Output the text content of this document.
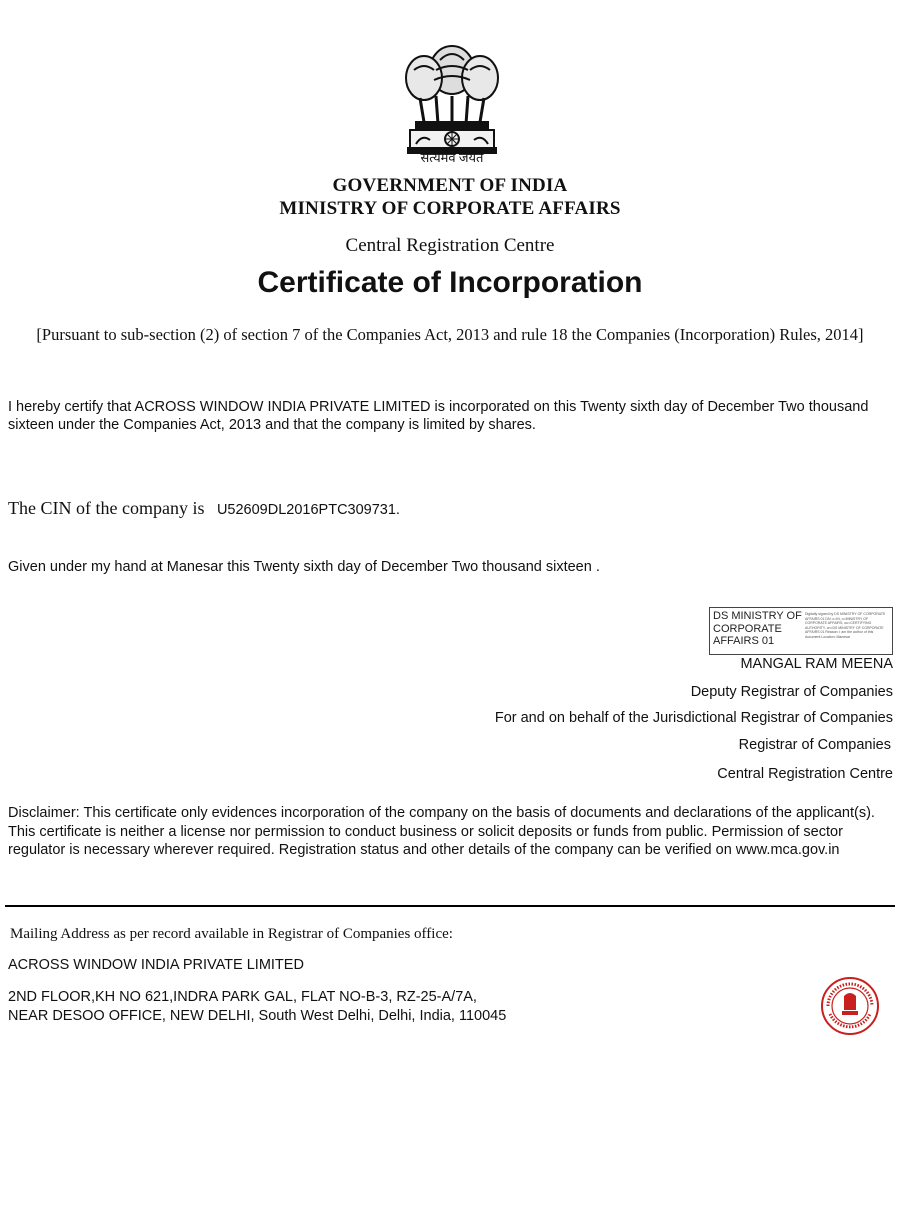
सत्यमेव जयते
GOVERNMENT OF INDIA
MINISTRY OF CORPORATE AFFAIRS
Central Registration Centre
Certificate of Incorporation
[Pursuant to sub-section (2) of section 7 of the Companies Act, 2013 and rule 18 the Companies (Incorporation) Rules, 2014]
I hereby certify that ACROSS WINDOW INDIA PRIVATE LIMITED is incorporated on this Twenty sixth day of December Two thousand sixteen under the Companies Act, 2013 and that the company is limited by shares.
The CIN of the company is U52609DL2016PTC309731.
Given under my hand at Manesar this Twenty sixth day of December Two thousand sixteen .
DS MINISTRY OF CORPORATE AFFAIRS 01
Digitally signed by DS MINISTRY OF CORPORATE AFFAIRS 01 DN: c=IN, o=MINISTRY OF CORPORATE AFFAIRS, ou=CERTIFYING AUTHORITY, cn=DS MINISTRY OF CORPORATE AFFAIRS 01 Reason: I am the author of this document Location: Manesar
MANGAL RAM MEENA
Deputy Registrar of Companies
For and on behalf of the Jurisdictional Registrar of Companies
Registrar of Companies
Central Registration Centre
Disclaimer: This certificate only evidences incorporation of the company on the basis of documents and declarations of the applicant(s). This certificate is neither a license nor permission to conduct business or solicit deposits or funds from public. Permission of sector regulator is necessary wherever required. Registration status and other details of the company can be verified on www.mca.gov.in
Mailing Address as per record available in Registrar of Companies office:
ACROSS WINDOW INDIA PRIVATE LIMITED
2ND FLOOR,KH NO 621,INDRA PARK GAL, FLAT NO-B-3, RZ-25-A/7A,
NEAR DESOO OFFICE, NEW DELHI, South West Delhi, Delhi, India, 110045
